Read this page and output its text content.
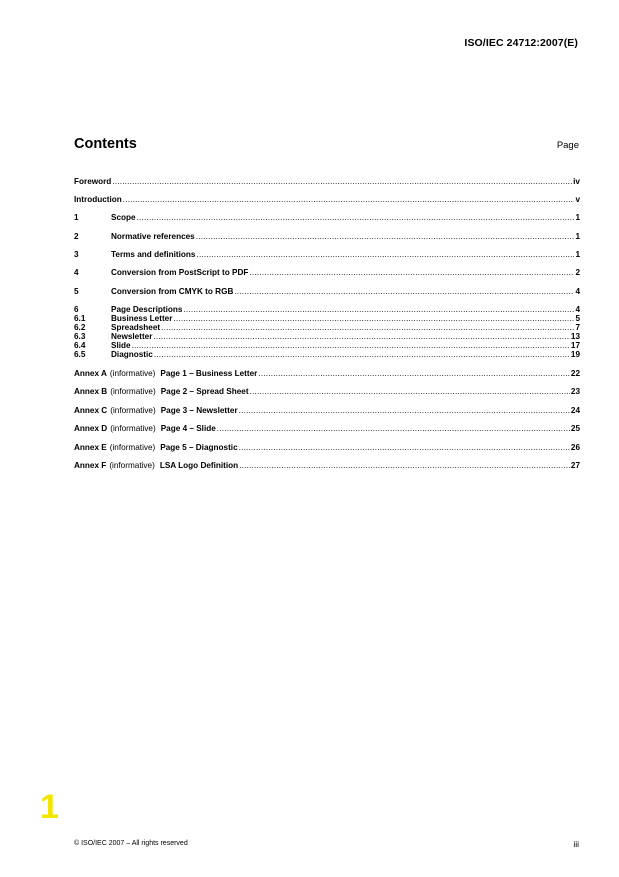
ISO/IEC 24712:2007(E)
Contents	Page
Foreword .....	iv
Introduction .....	v
1	Scope .....	1
2	Normative references .....	1
3	Terms and definitions .....	1
4	Conversion from PostScript to PDF .....	2
5	Conversion from CMYK to RGB .....	4
6	Page Descriptions .....	4
6.1	Business Letter .....	5
6.2	Spreadsheet .....	7
6.3	Newsletter .....	13
6.4	Slide .....	17
6.5	Diagnostic .....	19
Annex A (informative) Page 1 – Business Letter .....	22
Annex B (informative) Page 2 – Spread Sheet .....	23
Annex C (informative) Page 3 – Newsletter .....	24
Annex D (informative) Page 4 – Slide .....	25
Annex E (informative) Page 5 – Diagnostic .....	26
Annex F (informative) LSA Logo Definition .....	27
1
© ISO/IEC 2007 – All rights reserved	iii
